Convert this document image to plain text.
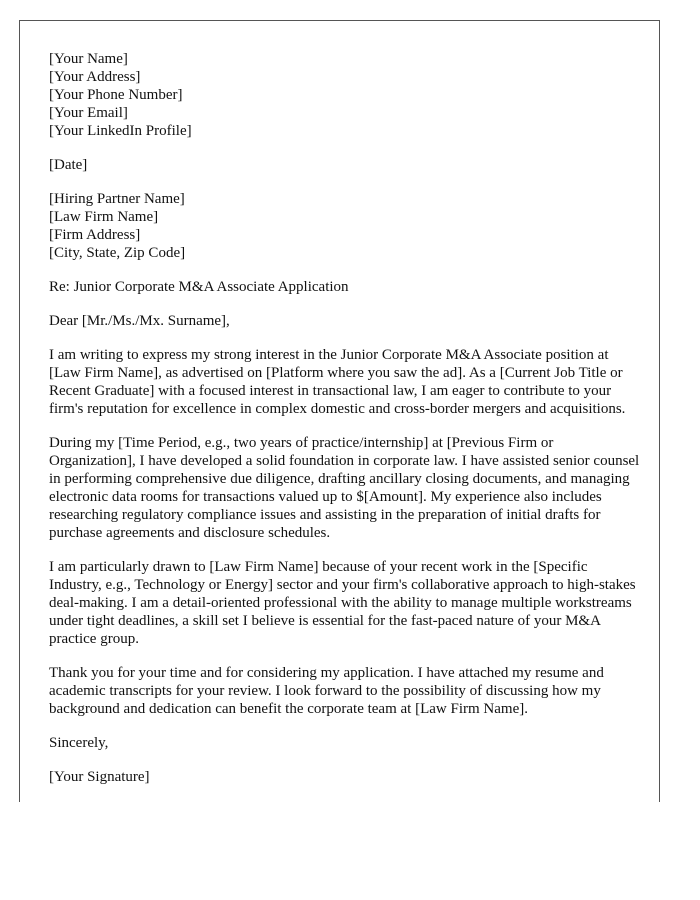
[Your Name]
[Your Address]
[Your Phone Number]
[Your Email]
[Your LinkedIn Profile]
[Date]
[Hiring Partner Name]
[Law Firm Name]
[Firm Address]
[City, State, Zip Code]
Re: Junior Corporate M&A Associate Application
Dear [Mr./Ms./Mx. Surname],

I am writing to express my strong interest in the Junior Corporate M&A Associate position at [Law Firm Name], as advertised on [Platform where you saw the ad]. As a [Current Job Title or Recent Graduate] with a focused interest in transactional law, I am eager to contribute to your firm's reputation for excellence in complex domestic and cross-border mergers and acquisitions.

During my [Time Period, e.g., two years of practice/internship] at [Previous Firm or Organization], I have developed a solid foundation in corporate law. I have assisted senior counsel in performing comprehensive due diligence, drafting ancillary closing documents, and managing electronic data rooms for transactions valued up to $[Amount]. My experience also includes researching regulatory compliance issues and assisting in the preparation of initial drafts for purchase agreements and disclosure schedules.

I am particularly drawn to [Law Firm Name] because of your recent work in the [Specific Industry, e.g., Technology or Energy] sector and your firm's collaborative approach to high-stakes deal-making. I am a detail-oriented professional with the ability to manage multiple workstreams under tight deadlines, a skill set I believe is essential for the fast-paced nature of your M&A practice group.

Thank you for your time and for considering my application. I have attached my resume and academic transcripts for your review. I look forward to the possibility of discussing how my background and dedication can benefit the corporate team at [Law Firm Name].

Sincerely,
[Your Signature]
